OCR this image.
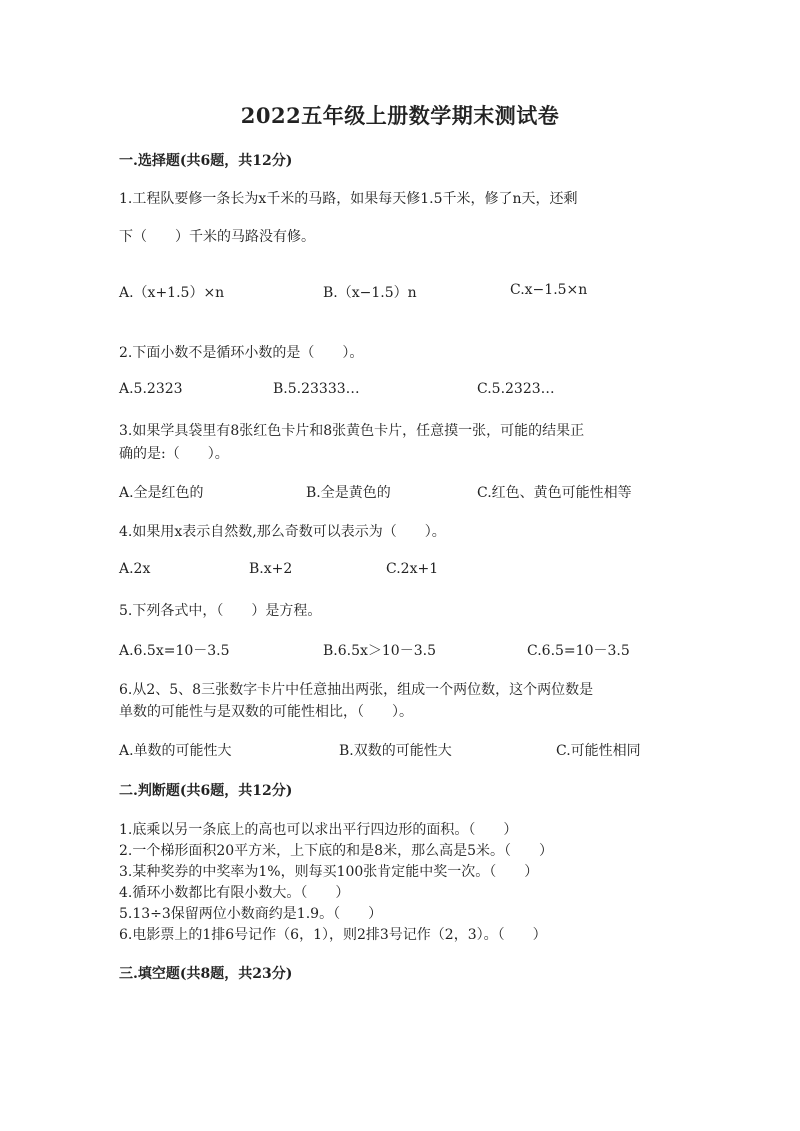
2022五年级上册数学期末测试卷
一.选择题(共6题，共12分)
1.工程队要修一条长为x千米的马路，如果每天修1.5千米，修了n天，还剩
下（　　）千米的马路没有修。
A.（x+1.5）×n	B.（x−1.5）n	C.x−1.5×n
2.下面小数不是循环小数的是（　　）。
A.5.2323	B.5.23333…	C.5.2323…
3.如果学具袋里有8张红色卡片和8张黄色卡片，任意摸一张，可能的结果正
确的是:（　　）。
A.全是红色的	B.全是黄色的	C.红色、黄色可能性相等
4.如果用x表示自然数,那么奇数可以表示为（　　）。
A.2x	B.x+2	C.2x+1
5.下列各式中，（　　）是方程。
A.6.5x=10－3.5	B.6.5x＞10－3.5	C.6.5=10－3.5
6.从2、5、8三张数字卡片中任意抽出两张，组成一个两位数，这个两位数是
单数的可能性与是双数的可能性相比，（　　）。
A.单数的可能性大	B.双数的可能性大	C.可能性相同
二.判断题(共6题，共12分)
1.底乘以另一条底上的高也可以求出平行四边形的面积。（　　）
2.一个梯形面积20平方米，上下底的和是8米，那么高是5米。（　　）
3.某种奖券的中奖率为1%，则每买100张肯定能中奖一次。（　　）
4.循环小数都比有限小数大。（　　）
5.13÷3保留两位小数商约是1.9。（　　）
6.电影票上的1排6号记作（6，1），则2排3号记作（2，3）。（　　）
三.填空题(共8题，共23分)
